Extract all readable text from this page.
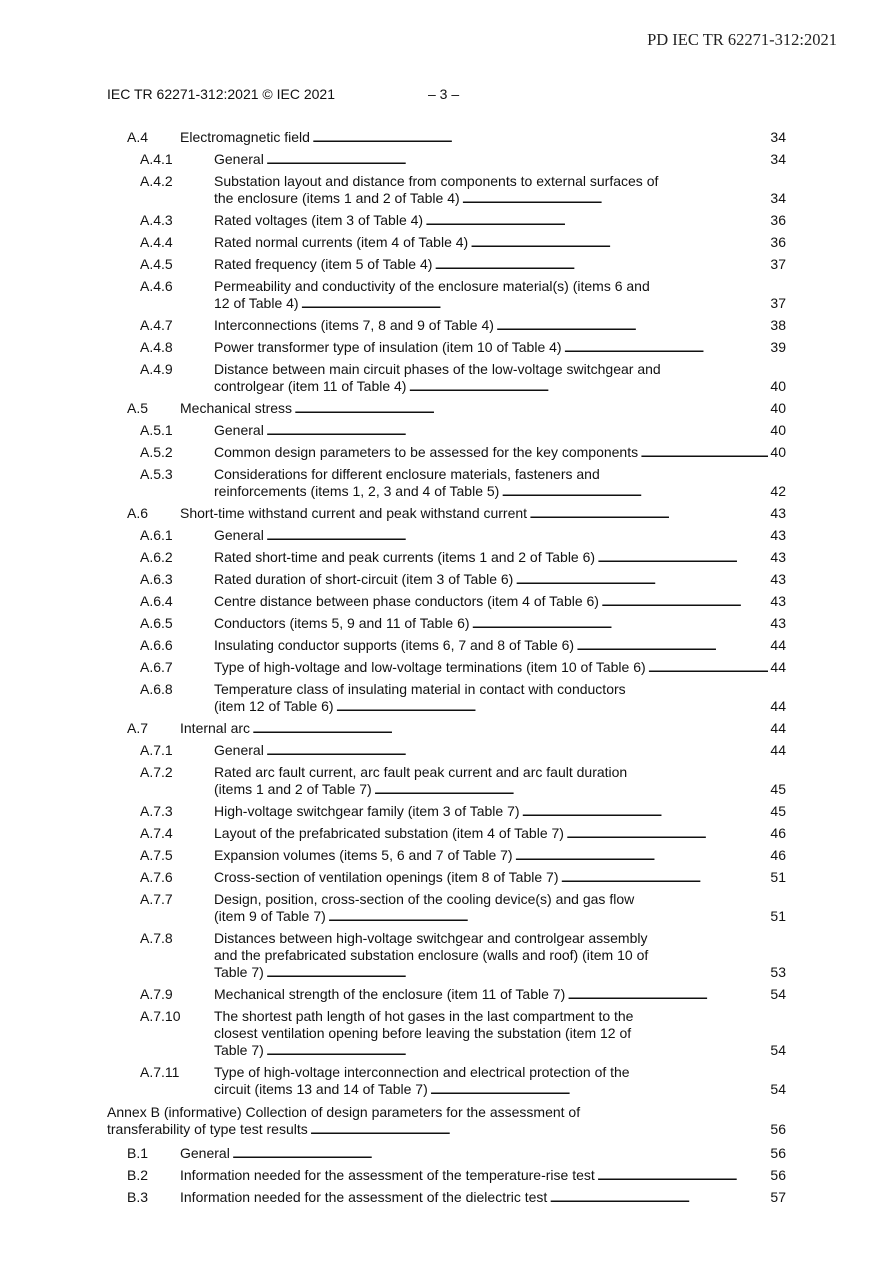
PD IEC TR 62271-312:2021
IEC TR 62271-312:2021 © IEC 2021	– 3 –
A.4 Electromagnetic field . . .	34
A.4.1	General . . .	34
A.4.2	Substation layout and distance from components to external surfaces of
the enclosure (items 1 and 2 of Table 4) . . .	34
A.4.3	Rated voltages (item 3 of Table 4) . . .	36
A.4.4	Rated normal currents (item 4 of Table 4) . . .	36
A.4.5	Rated frequency (item 5 of Table 4) . . .	37
A.4.6	Permeability and conductivity of the enclosure material(s) (items 6 and
12 of Table 4) . . .	37
A.4.7	Interconnections (items 7, 8 and 9 of Table 4) . . .	38
A.4.8	Power transformer type of insulation (item 10 of Table 4) . . .	39
A.4.9	Distance between main circuit phases of the low-voltage switchgear and
controlgear (item 11 of Table 4) . . .	40
A.5 Mechanical stress . . .	40
A.5.1	General . . .	40
A.5.2	Common design parameters to be assessed for the key components . . .	40
A.5.3	Considerations for different enclosure materials, fasteners and
reinforcements (items 1, 2, 3 and 4 of Table 5) . . .	42
A.6 Short-time withstand current and peak withstand current . . .	43
A.6.1	General . . .	43
A.6.2	Rated short-time and peak currents (items 1 and 2 of Table 6) . . .	43
A.6.3	Rated duration of short-circuit (item 3 of Table 6) . . .	43
A.6.4	Centre distance between phase conductors (item 4 of Table 6) . . .	43
A.6.5	Conductors (items 5, 9 and 11 of Table 6) . . .	43
A.6.6	Insulating conductor supports (items 6, 7 and 8 of Table 6) . . .	44
A.6.7	Type of high-voltage and low-voltage terminations (item 10 of Table 6) . . .	44
A.6.8	Temperature class of insulating material in contact with conductors
(item 12 of Table 6) . . .	44
A.7 Internal arc . . .	44
A.7.1	General . . .	44
A.7.2	Rated arc fault current, arc fault peak current and arc fault duration
(items 1 and 2 of Table 7) . . .	45
A.7.3	High-voltage switchgear family (item 3 of Table 7) . . .	45
A.7.4	Layout of the prefabricated substation (item 4 of Table 7) . . .	46
A.7.5	Expansion volumes (items 5, 6 and 7 of Table 7) . . .	46
A.7.6	Cross-section of ventilation openings (item 8 of Table 7) . . .	51
A.7.7	Design, position, cross-section of the cooling device(s) and gas flow
(item 9 of Table 7) . . .	51
A.7.8	Distances between high-voltage switchgear and controlgear assembly
and the prefabricated substation enclosure (walls and roof) (item 10 of
Table 7) . . .	53
A.7.9	Mechanical strength of the enclosure (item 11 of Table 7) . . .	54
A.7.10 The shortest path length of hot gases in the last compartment to the
closest ventilation opening before leaving the substation (item 12 of
Table 7) . . .	54
A.7.11 Type of high-voltage interconnection and electrical protection of the
circuit (items 13 and 14 of Table 7) . . .	54
Annex B (informative) Collection of design parameters for the assessment of
transferability of type test results . . .	56
B.1 General . . .	56
B.2 Information needed for the assessment of the temperature-rise test . . .	56
B.3 Information needed for the assessment of the dielectric test . . .	57
